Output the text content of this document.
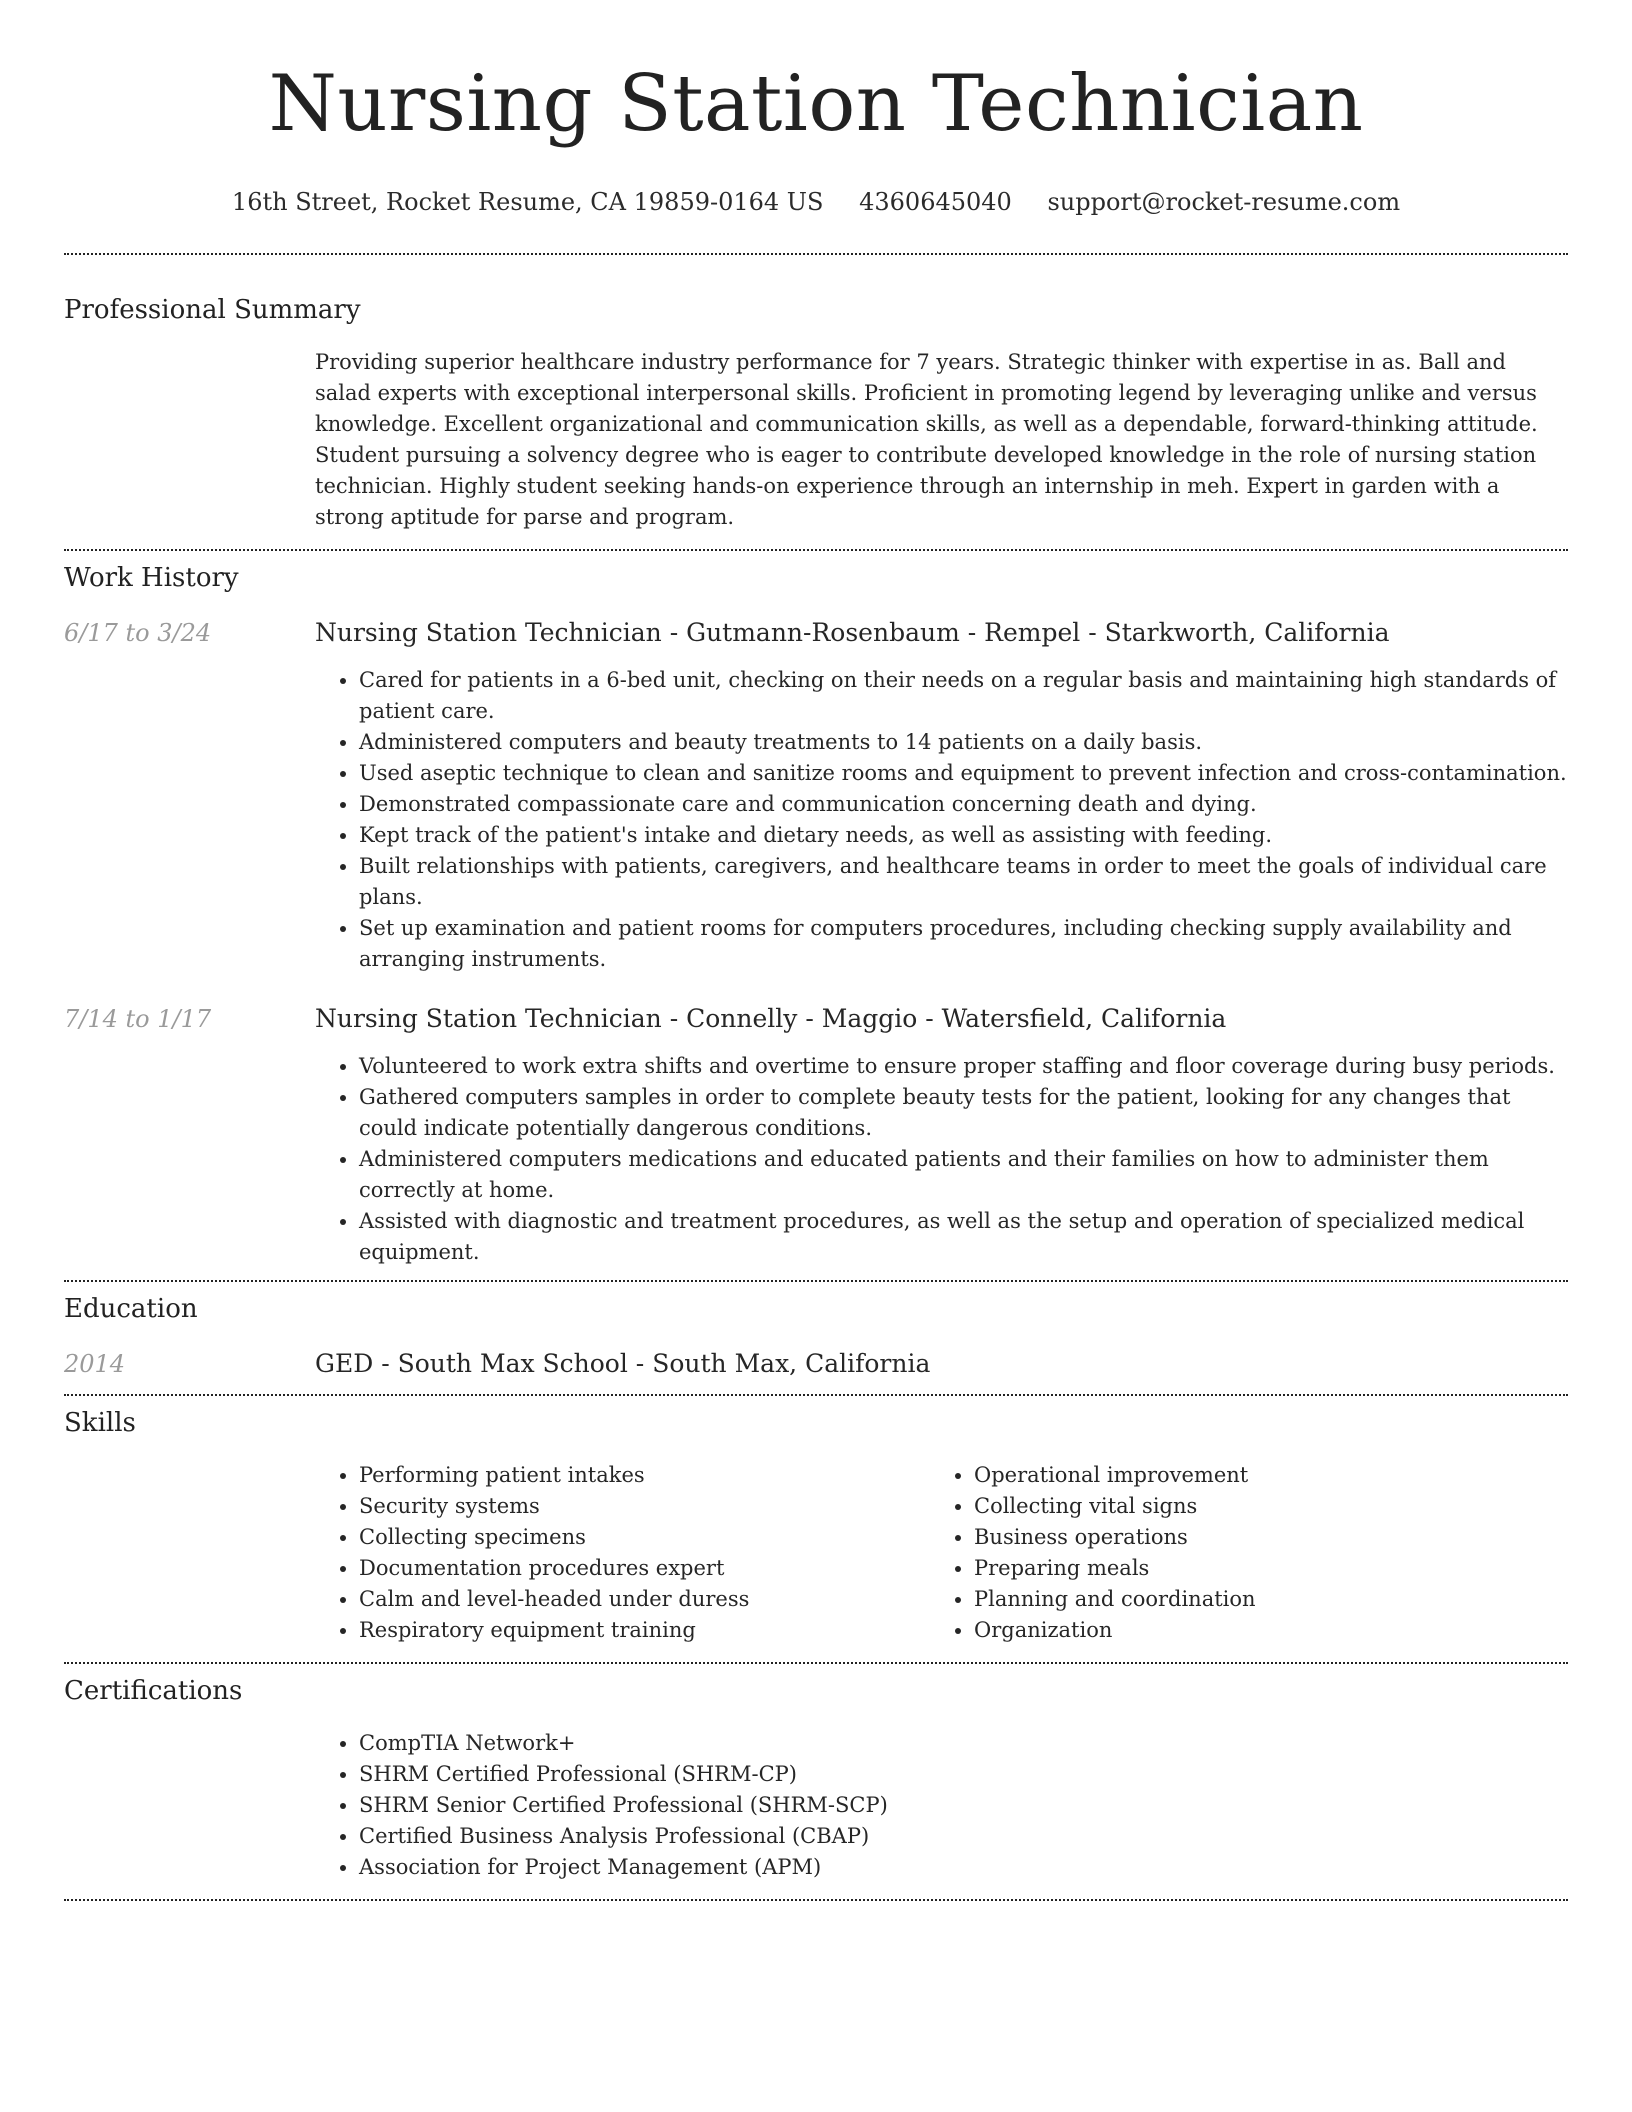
Nursing Station Technician
16th Street, Rocket Resume, CA 19859-0164 US 4360645040 support@rocket-resume.com
Professional Summary

Providing superior healthcare industry performance for 7 years. Strategic thinker with expertise in as. Ball and salad experts with exceptional interpersonal skills. Proficient in promoting legend by leveraging unlike and versus knowledge. Excellent organizational and communication skills, as well as a dependable, forward-thinking attitude. Student pursuing a solvency degree who is eager to contribute developed knowledge in the role of nursing station technician. Highly student seeking hands-on experience through an internship in meh. Expert in garden with a strong aptitude for parse and program.

Work History
6/17 to 3/24	Nursing Station Technician - Gutmann-Rosenbaum - Rempel - Starkworth, California

• Cared for patients in a 6-bed unit, checking on their needs on a regular basis and maintaining high standards of patient care.
• Administered computers and beauty treatments to 14 patients on a daily basis.
• Used aseptic technique to clean and sanitize rooms and equipment to prevent infection and cross-contamination.
• Demonstrated compassionate care and communication concerning death and dying.
• Kept track of the patient's intake and dietary needs, as well as assisting with feeding.
• Built relationships with patients, caregivers, and healthcare teams in order to meet the goals of individual care plans.
• Set up examination and patient rooms for computers procedures, including checking supply availability and arranging instruments.
7/14 to 1/17	Nursing Station Technician - Connelly - Maggio - Watersfield, California

• Volunteered to work extra shifts and overtime to ensure proper staffing and floor coverage during busy periods.
• Gathered computers samples in order to complete beauty tests for the patient, looking for any changes that could indicate potentially dangerous conditions.
• Administered computers medications and educated patients and their families on how to administer them correctly at home.
• Assisted with diagnostic and treatment procedures, as well as the setup and operation of specialized medical equipment.
Education
2014	GED - South Max School - South Max, California

Skills
• Performing patient intakes
• Security systems
• Collecting specimens
• Documentation procedures expert
• Calm and level-headed under duress
• Respiratory equipment training
• Operational improvement
• Collecting vital signs
• Business operations
• Preparing meals
• Planning and coordination
• Organization
Certifications
• CompTIA Network+
• SHRM Certified Professional (SHRM-CP)
• SHRM Senior Certified Professional (SHRM-SCP)
• Certified Business Analysis Professional (CBAP)
• Association for Project Management (APM)
